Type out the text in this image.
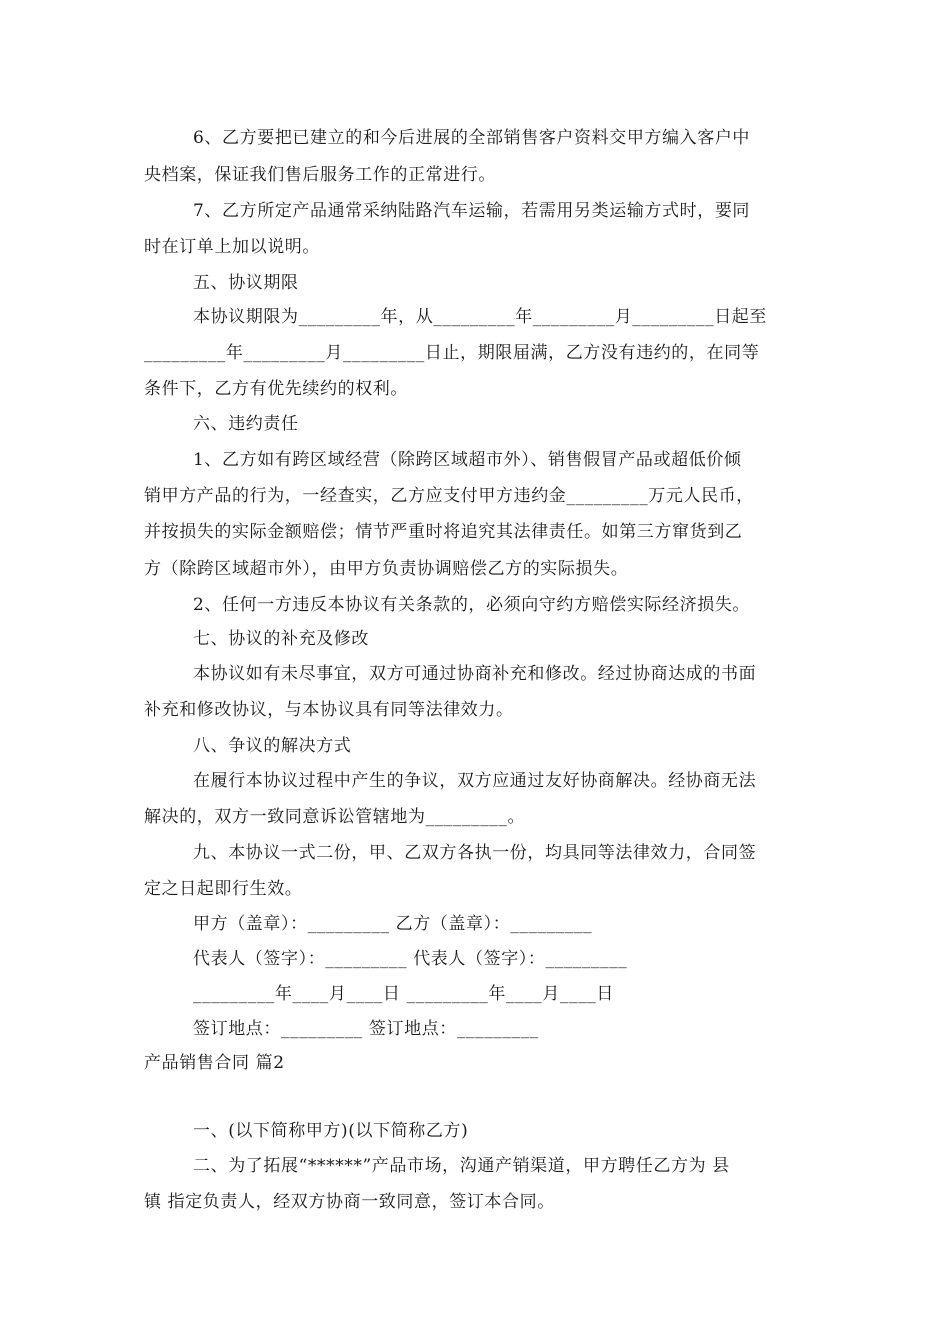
6、乙方要把已建立的和今后进展的全部销售客户资料交甲方编入客户中
央档案，保证我们售后服务工作的正常进行。
7、乙方所定产品通常采纳陆路汽车运输，若需用另类运输方式时，要同
时在订单上加以说明。
五、协议期限
本协议期限为_________年，从_________年_________月_________日起至
_________年_________月_________日止，期限届满，乙方没有违约的，在同等
条件下，乙方有优先续约的权利。
六、违约责任
1、乙方如有跨区域经营（除跨区域超市外）、销售假冒产品或超低价倾
销甲方产品的行为，一经查实，乙方应支付甲方违约金_________万元人民币，
并按损失的实际金额赔偿；情节严重时将追究其法律责任。如第三方窜货到乙
方（除跨区域超市外），由甲方负责协调赔偿乙方的实际损失。
2、任何一方违反本协议有关条款的，必须向守约方赔偿实际经济损失。
七、协议的补充及修改
本协议如有未尽事宜，双方可通过协商补充和修改。经过协商达成的书面
补充和修改协议，与本协议具有同等法律效力。
八、争议的解决方式
在履行本协议过程中产生的争议，双方应通过友好协商解决。经协商无法
解决的，双方一致同意诉讼管辖地为_________。
九、本协议一式二份，甲、乙双方各执一份，均具同等法律效力，合同签
定之日起即行生效。
甲方（盖章）：_________ 乙方（盖章）：_________
代表人（签字）：_________ 代表人（签字）：_________
_________年____月____日 _________年____月____日
签订地点：_________ 签订地点：_________
产品销售合同 篇2
一、(以下简称甲方)(以下简称乙方)
二、为了拓展“******”产品市场，沟通产销渠道，甲方聘任乙方为 县
镇 指定负责人，经双方协商一致同意，签订本合同。
